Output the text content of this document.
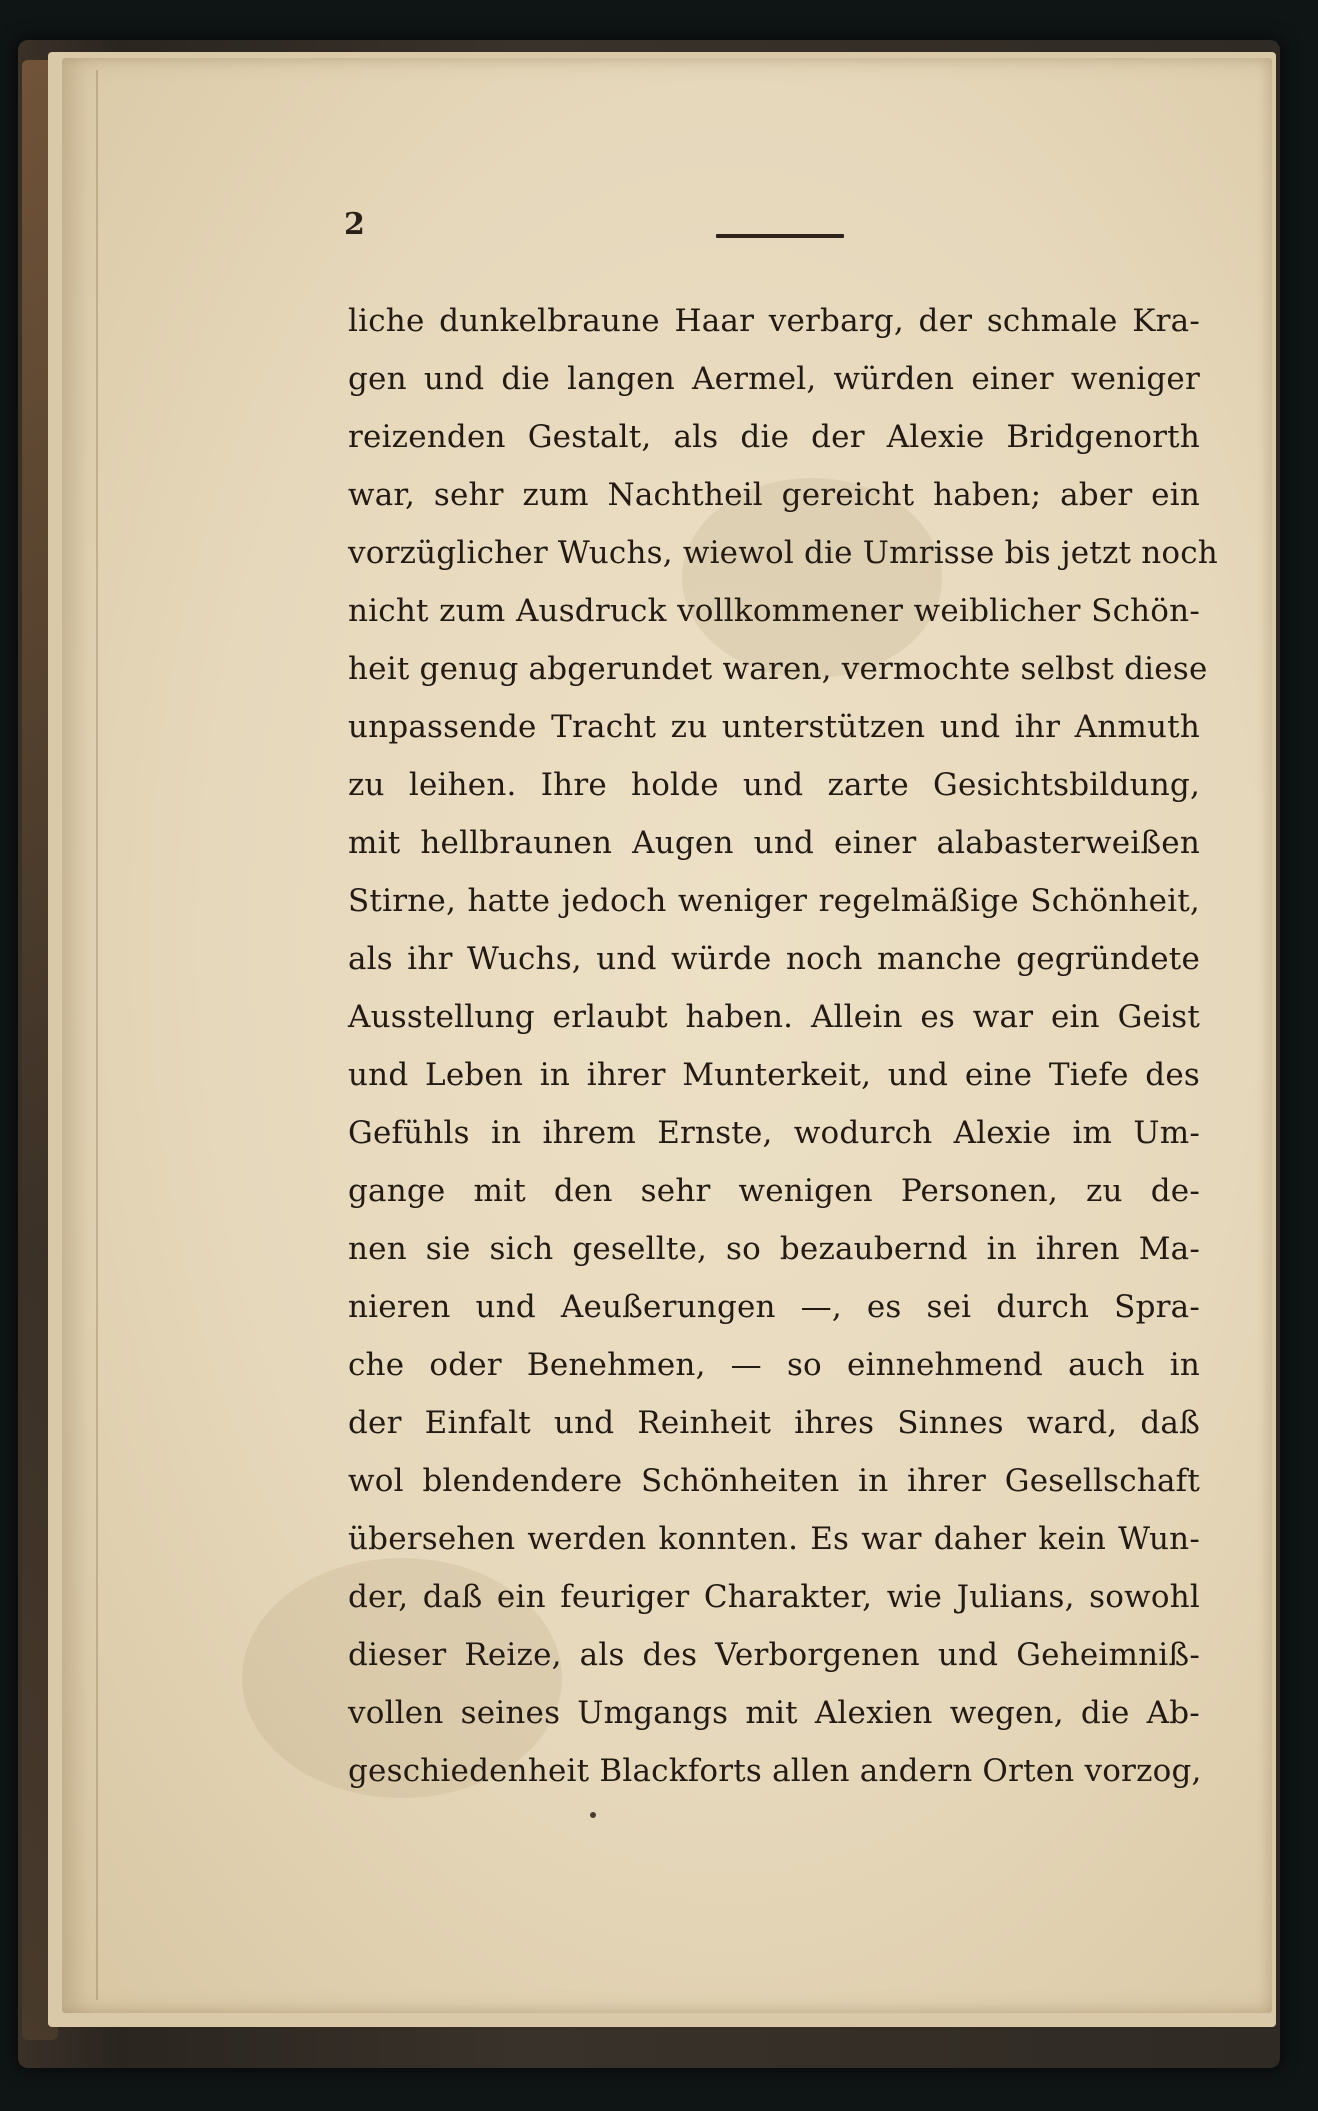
2
liche dunkelbraune Haar verbarg, der schmale Kra-
gen und die langen Aermel, würden einer weniger
reizenden Gestalt, als die der Alexie Bridgenorth
war, sehr zum Nachtheil gereicht haben; aber ein
vorzüglicher Wuchs, wiewol die Umrisse bis jetzt noch
nicht zum Ausdruck vollkommener weiblicher Schön-
heit genug abgerundet waren, vermochte selbst diese
unpassende Tracht zu unterstützen und ihr Anmuth
zu leihen. Ihre holde und zarte Gesichtsbildung,
mit hellbraunen Augen und einer alabasterweißen
Stirne, hatte jedoch weniger regelmäßige Schönheit,
als ihr Wuchs, und würde noch manche gegründete
Ausstellung erlaubt haben. Allein es war ein Geist
und Leben in ihrer Munterkeit, und eine Tiefe des
Gefühls in ihrem Ernste, wodurch Alexie im Um-
gange mit den sehr wenigen Personen, zu de-
nen sie sich gesellte, so bezaubernd in ihren Ma-
nieren und Aeußerungen —, es sei durch Spra-
che oder Benehmen, — so einnehmend auch in
der Einfalt und Reinheit ihres Sinnes ward, daß
wol blendendere Schönheiten in ihrer Gesellschaft
übersehen werden konnten. Es war daher kein Wun-
der, daß ein feuriger Charakter, wie Julians, sowohl
dieser Reize, als des Verborgenen und Geheimniß-
vollen seines Umgangs mit Alexien wegen, die Ab-
geschiedenheit Blackforts allen andern Orten vorzog,
